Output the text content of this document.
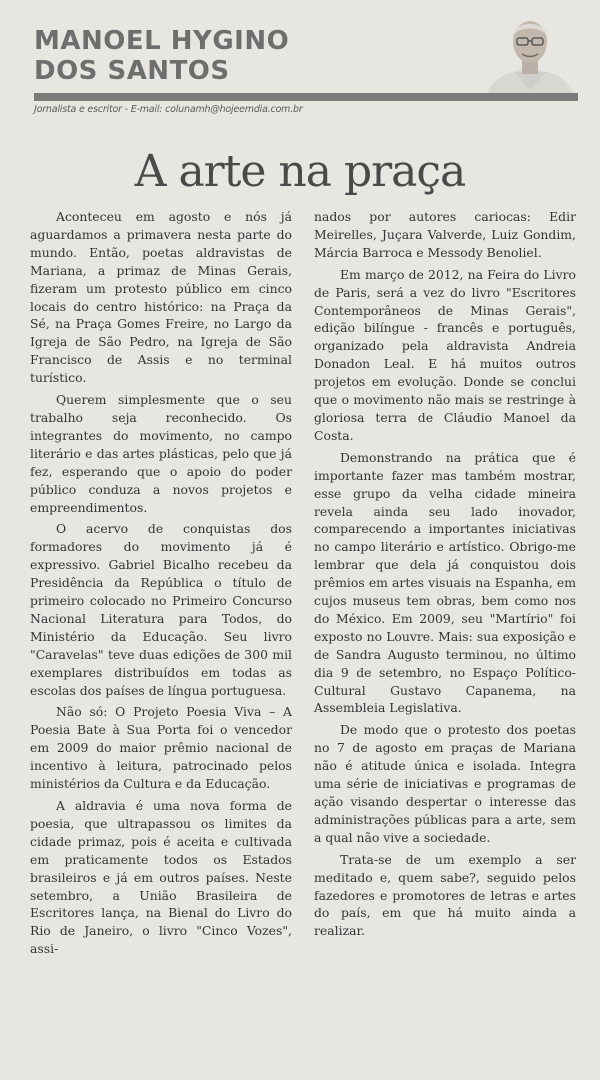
MANOEL HYGINO
DOS SANTOS
Jornalista e escritor - E-mail: colunamh@hojeemdia.com.br
A arte na praça

Aconteceu em agosto e nós já aguardamos a primavera nesta parte do mundo. Então, poetas aldravistas de Mariana, a primaz de Minas Gerais, fizeram um protesto público em cinco locais do centro histórico: na Praça da Sé, na Praça Gomes Freire, no Largo da Igreja de São Pedro, na Igreja de São Francisco de Assis e no terminal turístico.

Querem simplesmente que o seu trabalho seja reconhecido. Os integrantes do movimento, no campo literário e das artes plásticas, pelo que já fez, esperando que o apoio do poder público conduza a novos projetos e empreendimentos.

O acervo de conquistas dos formadores do movimento já é expressivo. Gabriel Bicalho recebeu da Presidência da República o título de primeiro colocado no Primeiro Concurso Nacional Literatura para Todos, do Ministério da Educação. Seu livro "Caravelas" teve duas edições de 300 mil exemplares distribuídos em todas as escolas dos países de língua portuguesa.

Não só: O Projeto Poesia Viva – A Poesia Bate à Sua Porta foi o vencedor em 2009 do maior prêmio nacional de incentivo à leitura, patrocinado pelos ministérios da Cultura e da Educação.

A aldravia é uma nova forma de poesia, que ultrapassou os limites da cidade primaz, pois é aceita e cultivada em praticamente todos os Estados brasileiros e já em outros países. Neste setembro, a União Brasileira de Escritores lança, na Bienal do Livro do Rio de Janeiro, o livro "Cinco Vozes", assi-

nados por autores cariocas: Edir Meirelles, Juçara Valverde, Luiz Gondim, Márcia Barroca e Messody Benoliel.

Em março de 2012, na Feira do Livro de Paris, será a vez do livro "Escritores Contemporâneos de Minas Gerais", edição bilíngue - francês e português, organizado pela aldravista Andreia Donadon Leal. E há muitos outros projetos em evolução. Donde se conclui que o movimento não mais se restringe à gloriosa terra de Cláudio Manoel da Costa.

Demonstrando na prática que é importante fazer mas também mostrar, esse grupo da velha cidade mineira revela ainda seu lado inovador, comparecendo a importantes iniciativas no campo literário e artístico. Obrigo-me lembrar que dela já conquistou dois prêmios em artes visuais na Espanha, em cujos museus tem obras, bem como nos do México. Em 2009, seu "Martírio" foi exposto no Louvre. Mais: sua exposição e de Sandra Augusto terminou, no último dia 9 de setembro, no Espaço Político-Cultural Gustavo Capanema, na Assembleia Legislativa.

De modo que o protesto dos poetas no 7 de agosto em praças de Mariana não é atitude única e isolada. Integra uma série de iniciativas e programas de ação visando despertar o interesse das administrações públicas para a arte, sem a qual não vive a sociedade.

Trata-se de um exemplo a ser meditado e, quem sabe?, seguido pelos fazedores e promotores de letras e artes do país, em que há muito ainda a realizar.
